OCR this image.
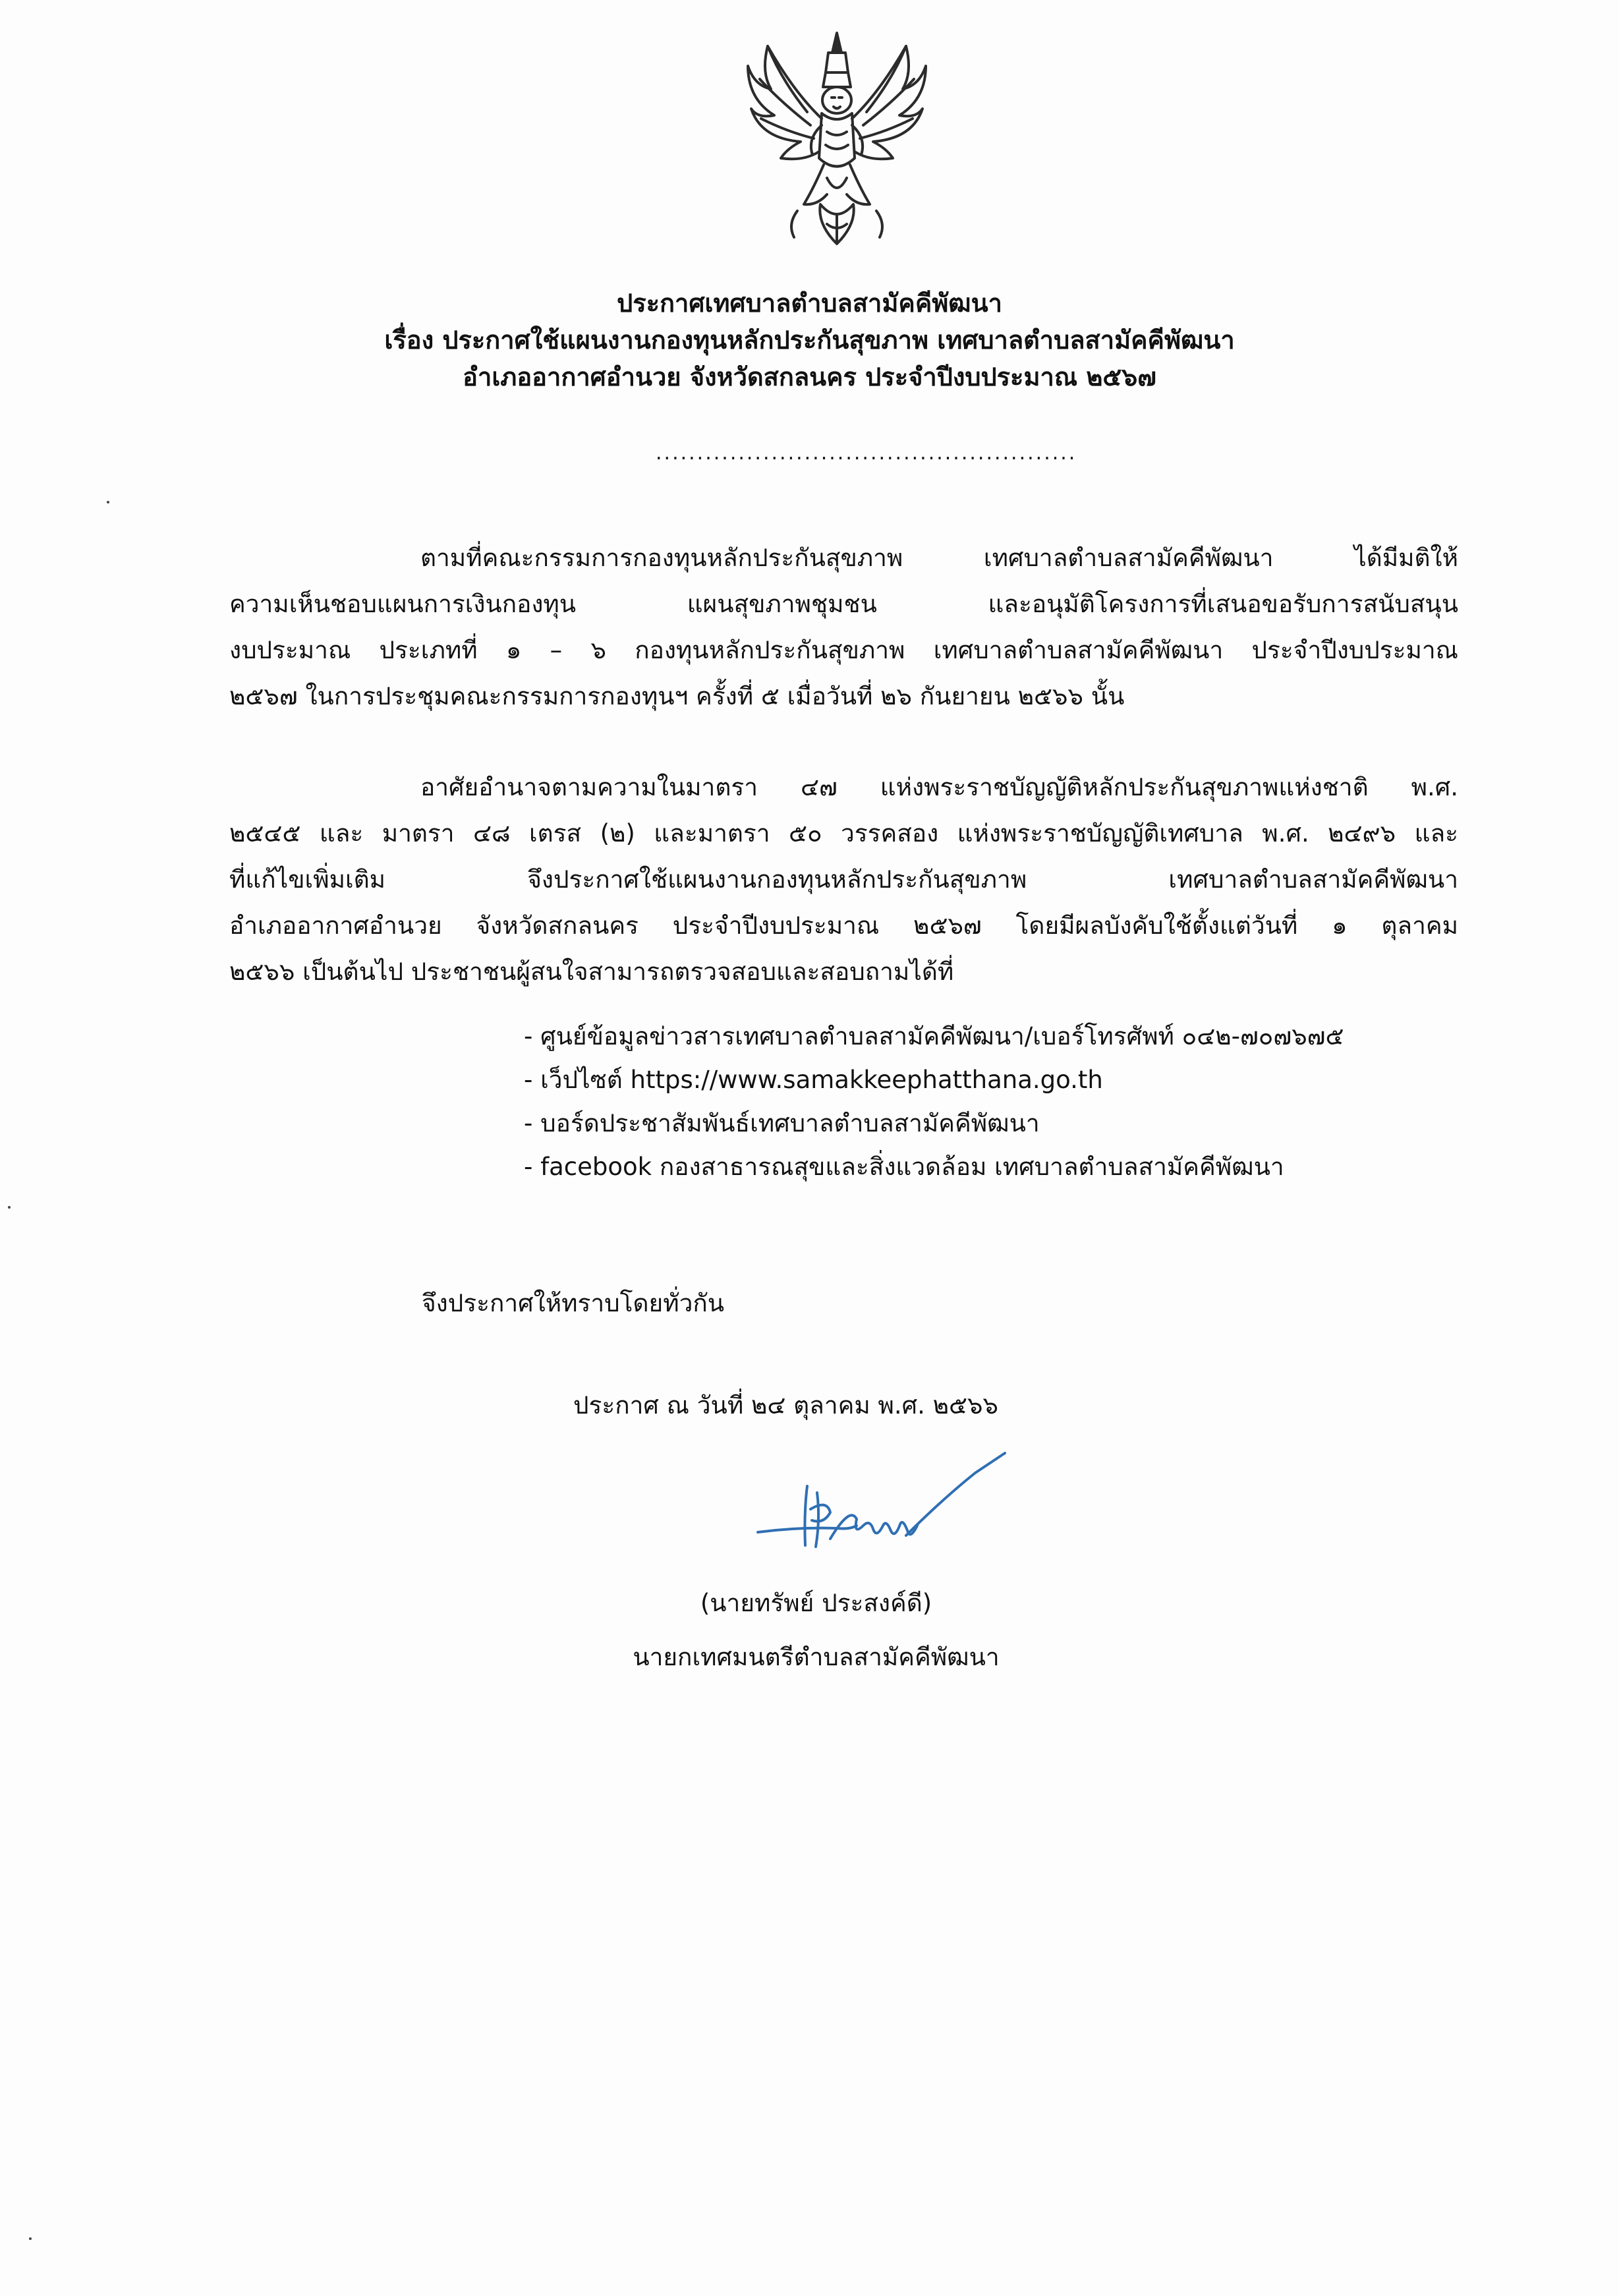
ประกาศเทศบาลตำบลสามัคคีพัฒนา
เรื่อง ประกาศใช้แผนงานกองทุนหลักประกันสุขภาพ เทศบาลตำบลสามัคคีพัฒนา
อำเภออากาศอำนวย จังหวัดสกลนคร ประจำปีงบประมาณ ๒๕๖๗
...................................................
ตามที่คณะกรรมการกองทุนหลักประกันสุขภาพ เทศบาลตำบลสามัคคีพัฒนา ได้มีมติให้
ความเห็นชอบแผนการเงินกองทุน แผนสุขภาพชุมชน และอนุมัติโครงการที่เสนอขอรับการสนับสนุน
งบประมาณ ประเภทที่ ๑ – ๖ กองทุนหลักประกันสุขภาพ เทศบาลตำบลสามัคคีพัฒนา ประจำปีงบประมาณ
๒๕๖๗ ในการประชุมคณะกรรมการกองทุนฯ ครั้งที่ ๕ เมื่อวันที่ ๒๖ กันยายน ๒๕๖๖ นั้น
อาศัยอำนาจตามความในมาตรา ๔๗ แห่งพระราชบัญญัติหลักประกันสุขภาพแห่งชาติ พ.ศ.
๒๕๔๕ และ มาตรา ๔๘ เตรส (๒) และมาตรา ๕๐ วรรคสอง แห่งพระราชบัญญัติเทศบาล พ.ศ. ๒๔๙๖ และ
ที่แก้ไขเพิ่มเติม จึงประกาศใช้แผนงานกองทุนหลักประกันสุขภาพ เทศบาลตำบลสามัคคีพัฒนา
อำเภออากาศอำนวย จังหวัดสกลนคร ประจำปีงบประมาณ ๒๕๖๗ โดยมีผลบังคับใช้ตั้งแต่วันที่ ๑ ตุลาคม
๒๕๖๖ เป็นต้นไป ประชาชนผู้สนใจสามารถตรวจสอบและสอบถามได้ที่
- ศูนย์ข้อมูลข่าวสารเทศบาลตำบลสามัคคีพัฒนา/เบอร์โทรศัพท์ ๐๔๒-๗๐๗๖๗๕
- เว็ปไซต์ https://www.samakkeephatthana.go.th
- บอร์ดประชาสัมพันธ์เทศบาลตำบลสามัคคีพัฒนา
- facebook กองสาธารณสุขและสิ่งแวดล้อม เทศบาลตำบลสามัคคีพัฒนา
จึงประกาศให้ทราบโดยทั่วกัน
ประกาศ ณ วันที่ ๒๔ ตุลาคม พ.ศ. ๒๕๖๖
(นายทรัพย์ ประสงค์ดี)
นายกเทศมนตรีตำบลสามัคคีพัฒนา
